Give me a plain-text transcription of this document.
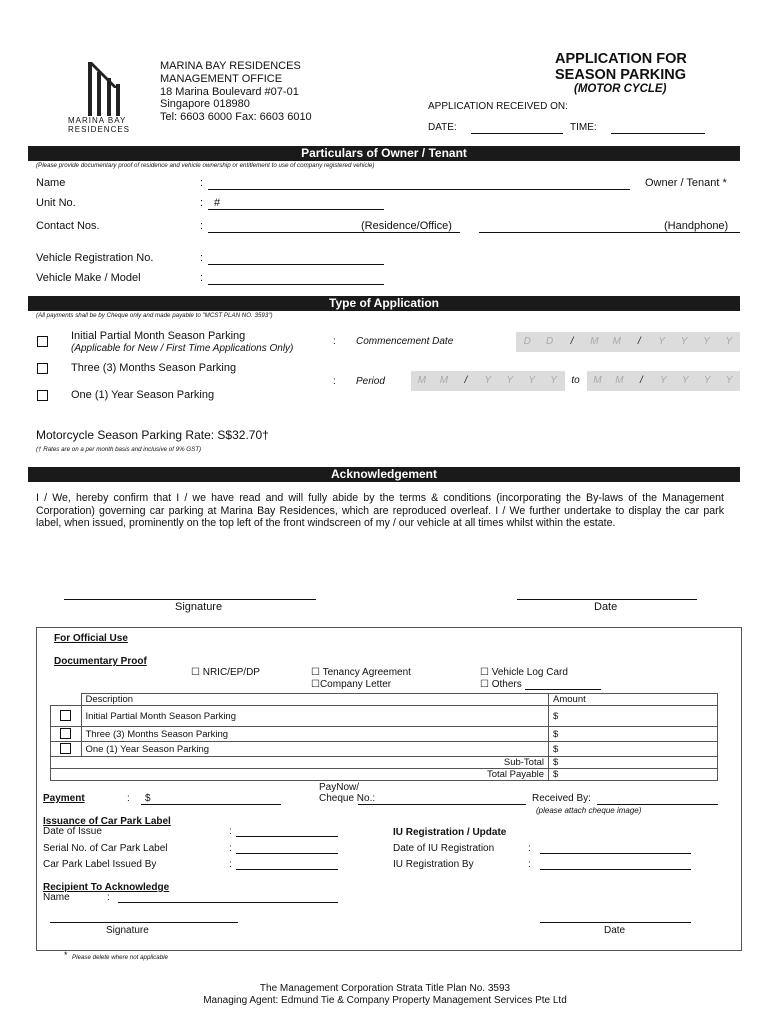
MARINA BAY
RESIDENCES
MARINA BAY RESIDENCES
MANAGEMENT OFFICE
18 Marina Boulevard #07-01
Singapore 018980
Tel: 6603 6000 Fax: 6603 6010
APPLICATION FOR
SEASON PARKING
(MOTOR CYCLE)
APPLICATION RECEIVED ON:
DATE:	TIME:
Particulars of Owner / Tenant
(Please provide documentary proof of residence and vehicle ownership or entitlement to use of company registered vehicle)
Name	:	Owner / Tenant *
Unit No.	: #
Contact Nos.	:	(Residence/Office)	(Handphone)
Vehicle Registration No.	:
Vehicle Make / Model	:
Type of Application
(All payments shall be by Cheque only and made payable to "MCST PLAN NO. 3593")
Initial Partial Month Season Parking
(Applicable for New / First Time Applications Only)
: Commencement Date	D	D	/	M	M	/	Y	Y	Y	Y
Three (3) Months Season Parking
: Period	M	M	/	Y	Y	Y	Y	to	M	M	/	Y	Y	Y	Y
One (1) Year Season Parking
Motorcycle Season Parking Rate: S$32.70†
(† Rates are on a per month basis and inclusive of 9% GST)
Acknowledgement
I / We, hereby confirm that I / we have read and will fully abide by the terms & conditions (incorporating the By-laws of the Management Corporation) governing car parking at Marina Bay Residences, which are reproduced overleaf. I / We further undertake to display the car park label, when issued, prominently on the top left of the front windscreen of my / our vehicle at all times whilst within the estate.
Signature	Date
For Official Use
Documentary Proof
☐ NRIC/EP/DP	☐ Tenancy Agreement
☐Company Letter
☐ Vehicle Log Card
☐ Others
	Description	Amount
	Initial Partial Month Season Parking	$
	Three (3) Months Season Parking	$
	One (1) Year Season Parking	$
Sub-Total		$
Total Payable		$
Payment	: $
PayNow/
Cheque No.:	Received By:
(please attach cheque image)
Issuance of Car Park Label
Date of Issue	:
Serial No. of Car Park Label	:
Car Park Label Issued By	:
IU Registration / Update
Date of IU Registration	:
IU Registration By	:
Recipient To Acknowledge
Name	:
Signature	Date
* Please delete where not applicable
The Management Corporation Strata Title Plan No. 3593
Managing Agent: Edmund Tie & Company Property Management Services Pte Ltd
